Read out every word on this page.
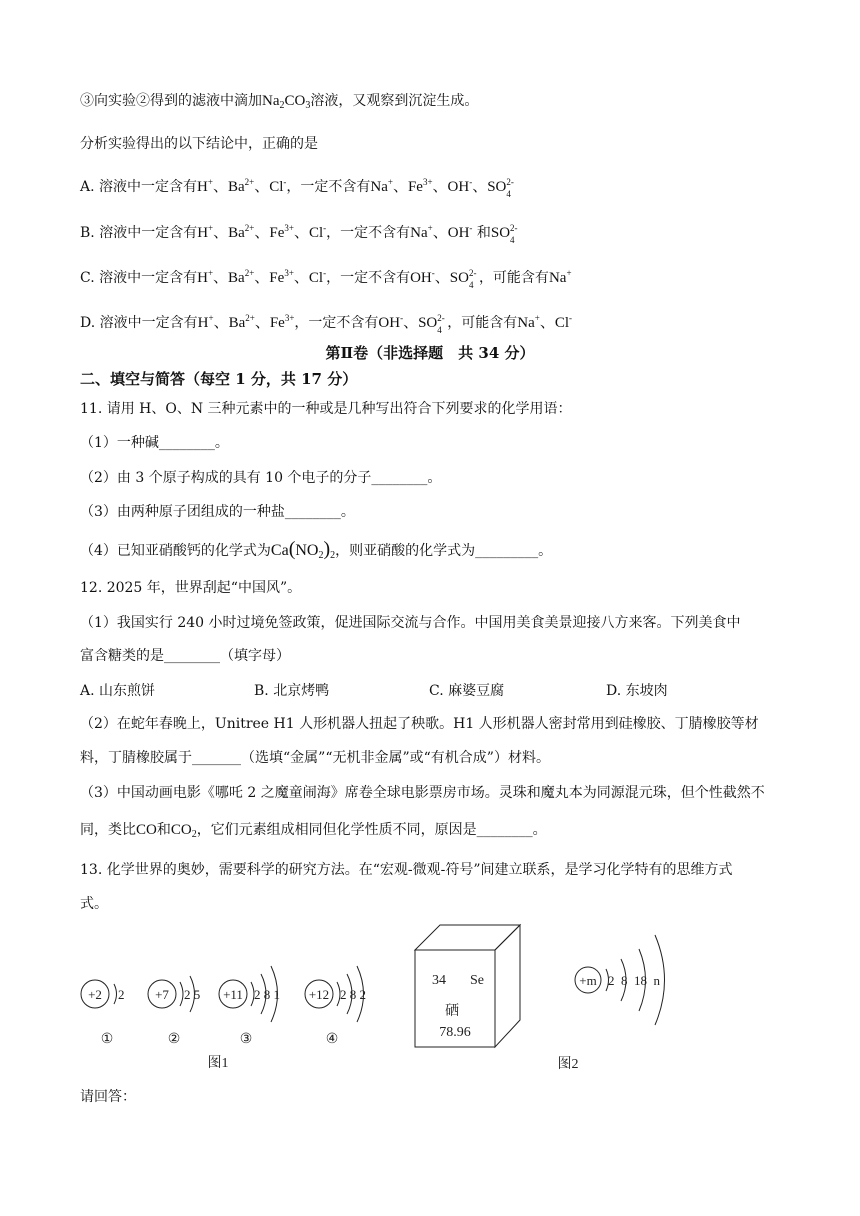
③向实验②得到的滤液中滴加$Na_2CO_3$溶液，又观察到沉淀生成。
分析实验得出的以下结论中，正确的是
A. 溶液中一定含有H+、$Ba^{2+}$、Cl-，一定不含有Na+、$Fe^{3+}$、OH-、SO 2-
4
B. 溶液中一定含有H+、$Ba^{2+}$、$Fe^{3+}$、Cl-，一定不含有Na+、OH- 和SO 2-
4
C. 溶液中一定含有H+、$Ba^{2+}$、$Fe^{3+}$、Cl-，一定不含有OH-、SO 2-
4 ，可能含有Na+
D. 溶液中一定含有H+、$Ba^{2+}$、$Fe^{3+}$，一定不含有OH-、SO 2-
4 ，可能含有Na+、Cl-
第Ⅱ卷（非选择题　共 34 分）
二、填空与简答（每空 1 分，共 17 分）
11. 请用 H、O、N 三种元素中的一种或是几种写出符合下列要求的化学用语：
（1）一种碱________。
（2）由 3 个原子构成的具有 10 个电子的分子________。
（3）由两种原子团组成的一种盐________。
（4）已知亚硝酸钙的化学式为$Ca(NO_2)_2$，则亚硝酸的化学式为_________。
12. 2025 年，世界刮起“中国风”。
（1）我国实行 240 小时过境免签政策，促进国际交流与合作。中国用美食美景迎接八方来客。下列美食中
富含糖类的是________（填字母）
A. 山东煎饼	B. 北京烤鸭	C. 麻婆豆腐	D. 东坡肉
（2）在蛇年春晚上，Unitree H1 人形机器人扭起了秧歌。H1 人形机器人密封常用到硅橡胶、丁腈橡胶等材
料，丁腈橡胶属于_______（选填“金属”“无机非金属”或“有机合成”）材料。
（3）中国动画电影《哪吒 2 之魔童闹海》席卷全球电影票房市场。灵珠和魔丸本为同源混元珠，但个性截然不
同，类比CO和$CO_2$，它们元素组成相同但化学性质不同，原因是________。
13. 化学世界的奥妙，需要科学的研究方法。在“宏观-微观-符号”间建立联系，是学习化学特有的思维方式
式。
+2 2 +7 2 5 +11 2 8 1 +12 2 8 2
①	②	③	④
图1
34 Se
硒
78.96
+m 2  8  18  n
图2
请回答：
